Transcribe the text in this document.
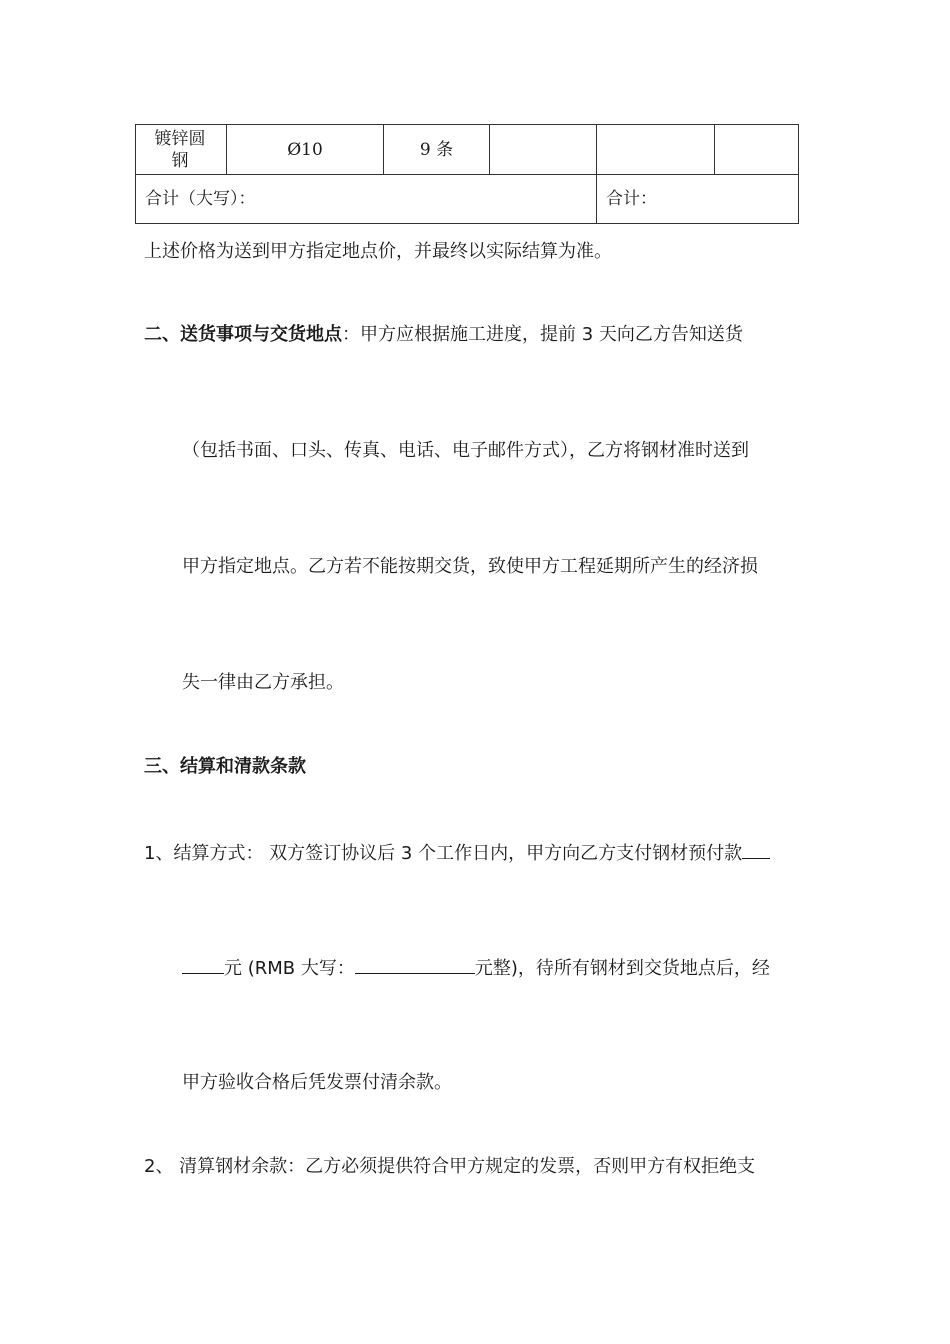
镀锌圆钢	Ø10	9 条			
合计（大写）：				合计：	
上述价格为送到甲方指定地点价，并最终以实际结算为准。
二、送货事项与交货地点：甲方应根据施工进度，提前 3 天向乙方告知送货
（包括书面、口头、传真、电话、电子邮件方式），乙方将钢材准时送到
甲方指定地点。乙方若不能按期交货，致使甲方工程延期所产生的经济损
失一律由乙方承担。
三、结算和清款条款
1、结算方式： 双方签订协议后 3 个工作日内，甲方向乙方支付钢材预付款
元 (RMB 大写：	元整)，待所有钢材到交货地点后，经
甲方验收合格后凭发票付清余款。
2、 清算钢材余款：乙方必须提供符合甲方规定的发票，否则甲方有权拒绝支
